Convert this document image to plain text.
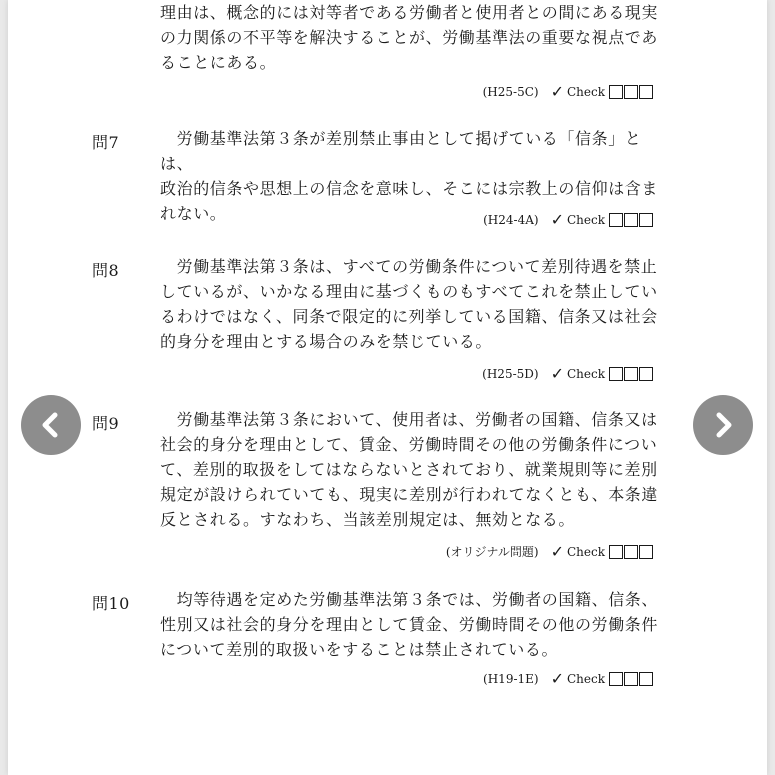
理由は、概念的には対等者である労働者と使用者との間にある現実
の力関係の不平等を解決することが、労働基準法の重要な視点であ
ることにある。
(H25-5C) ✓ Check
問7	　労働基準法第３条が差別禁止事由として掲げている「信条」とは、
政治的信条や思想上の信念を意味し、そこには宗教上の信仰は含ま
れない。	(H24-4A) ✓ Check
問8	　労働基準法第３条は、すべての労働条件について差別待遇を禁止
しているが、いかなる理由に基づくものもすべてこれを禁止してい
るわけではなく、同条で限定的に列挙している国籍、信条又は社会
的身分を理由とする場合のみを禁じている。
(H25-5D) ✓ Check
問9	　労働基準法第３条において、使用者は、労働者の国籍、信条又は
社会的身分を理由として、賃金、労働時間その他の労働条件につい
て、差別的取扱をしてはならないとされており、就業規則等に差別
規定が設けられていても、現実に差別が行われてなくとも、本条違
反とされる。すなわち、当該差別規定は、無効となる。
(オリジナル問題) ✓ Check
問10 　均等待遇を定めた労働基準法第３条では、労働者の国籍、信条、
性別又は社会的身分を理由として賃金、労働時間その他の労働条件
について差別的取扱いをすることは禁止されている。
(H19-1E) ✓ Check
